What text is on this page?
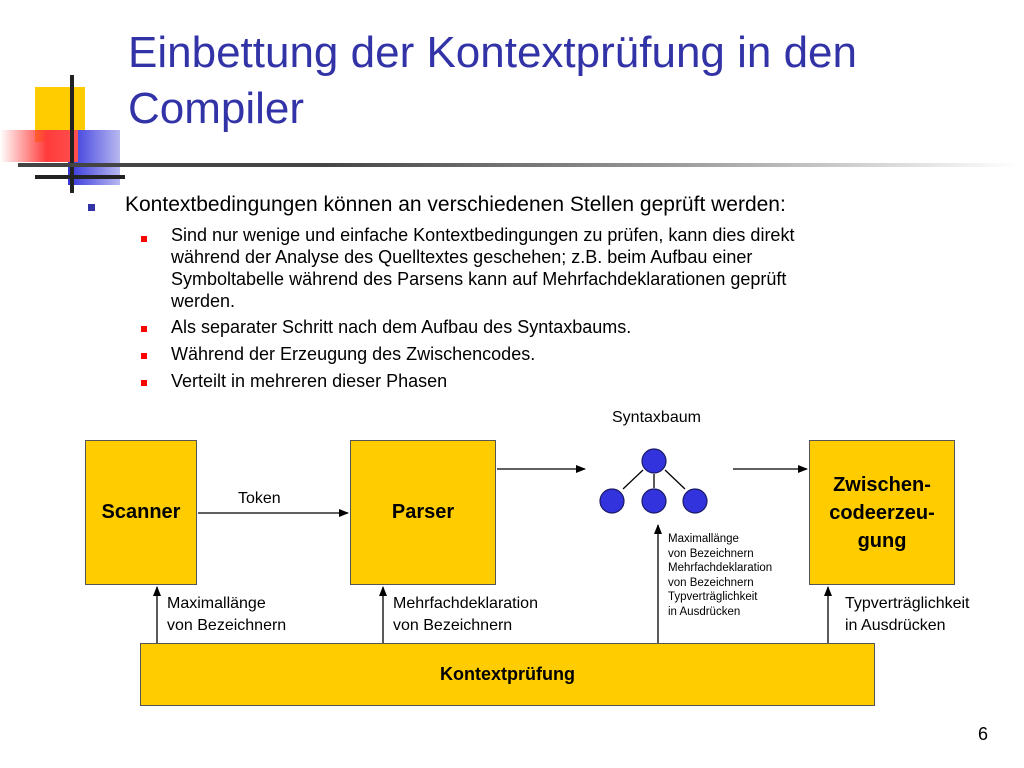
Einbettung der Kontextprüfung in den
Compiler
Kontextbedingungen können an verschiedenen Stellen geprüft werden:
Sind nur wenige und einfache Kontextbedingungen zu prüfen, kann dies direkt
während der Analyse des Quelltextes geschehen; z.B. beim Aufbau einer
Symboltabelle während des Parsens kann auf Mehrfachdeklarationen geprüft
werden.
Als separater Schritt nach dem Aufbau des Syntaxbaums.
Während der Erzeugung des Zwischencodes.
Verteilt in mehreren dieser Phasen
Scanner	Parser
Zwischen-
codeerzeu-
gung
Kontextprüfung
Syntaxbaum
Token
Maximallänge
von Bezeichnern
Mehrfachdeklaration
von Bezeichnern
Maximallänge
von Bezeichnern
Mehrfachdeklaration
von Bezeichnern
Typverträglichkeit
in Ausdrücken	Typverträglichkeit
in Ausdrücken
6
